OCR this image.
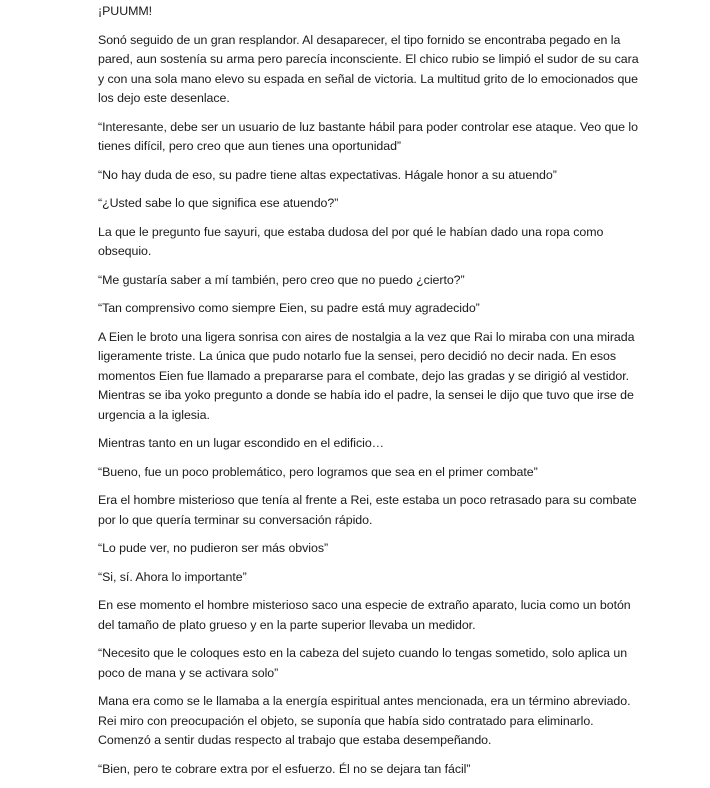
¡PUUMM!

Sonó seguido de un gran resplandor. Al desaparecer, el tipo fornido se encontraba pegado en la pared, aun sostenía su arma pero parecía inconsciente. El chico rubio se limpió el sudor de su cara y con una sola mano elevo su espada en señal de victoria. La multitud grito de lo emocionados que los dejo este desenlace.

“Interesante, debe ser un usuario de luz bastante hábil para poder controlar ese ataque. Veo que lo tienes difícil, pero creo que aun tienes una oportunidad”

“No hay duda de eso, su padre tiene altas expectativas. Hágale honor a su atuendo”

“¿Usted sabe lo que significa ese atuendo?”

La que le pregunto fue sayuri, que estaba dudosa del por qué le habían dado una ropa como obsequio.

“Me gustaría saber a mí también, pero creo que no puedo ¿cierto?”

“Tan comprensivo como siempre Eien, su padre está muy agradecido”

A Eien le broto una ligera sonrisa con aires de nostalgia a la vez que Rai lo miraba con una mirada ligeramente triste. La única que pudo notarlo fue la sensei, pero decidió no decir nada. En esos momentos Eien fue llamado a prepararse para el combate, dejo las gradas y se dirigió al vestidor. Mientras se iba yoko pregunto a donde se había ido el padre, la sensei le dijo que tuvo que irse de urgencia a la iglesia.

Mientras tanto en un lugar escondido en el edificio…

“Bueno, fue un poco problemático, pero logramos que sea en el primer combate”

Era el hombre misterioso que tenía al frente a Rei, este estaba un poco retrasado para su combate por lo que quería terminar su conversación rápido.

“Lo pude ver, no pudieron ser más obvios”

“Si, sí. Ahora lo importante”

En ese momento el hombre misterioso saco una especie de extraño aparato, lucia como un botón del tamaño de plato grueso y en la parte superior llevaba un medidor.

“Necesito que le coloques esto en la cabeza del sujeto cuando lo tengas sometido, solo aplica un poco de mana y se activara solo”

Mana era como se le llamaba a la energía espiritual antes mencionada, era un término abreviado. Rei miro con preocupación el objeto, se suponía que había sido contratado para eliminarlo. Comenzó a sentir dudas respecto al trabajo que estaba desempeñando.

“Bien, pero te cobrare extra por el esfuerzo. Él no se dejara tan fácil”
